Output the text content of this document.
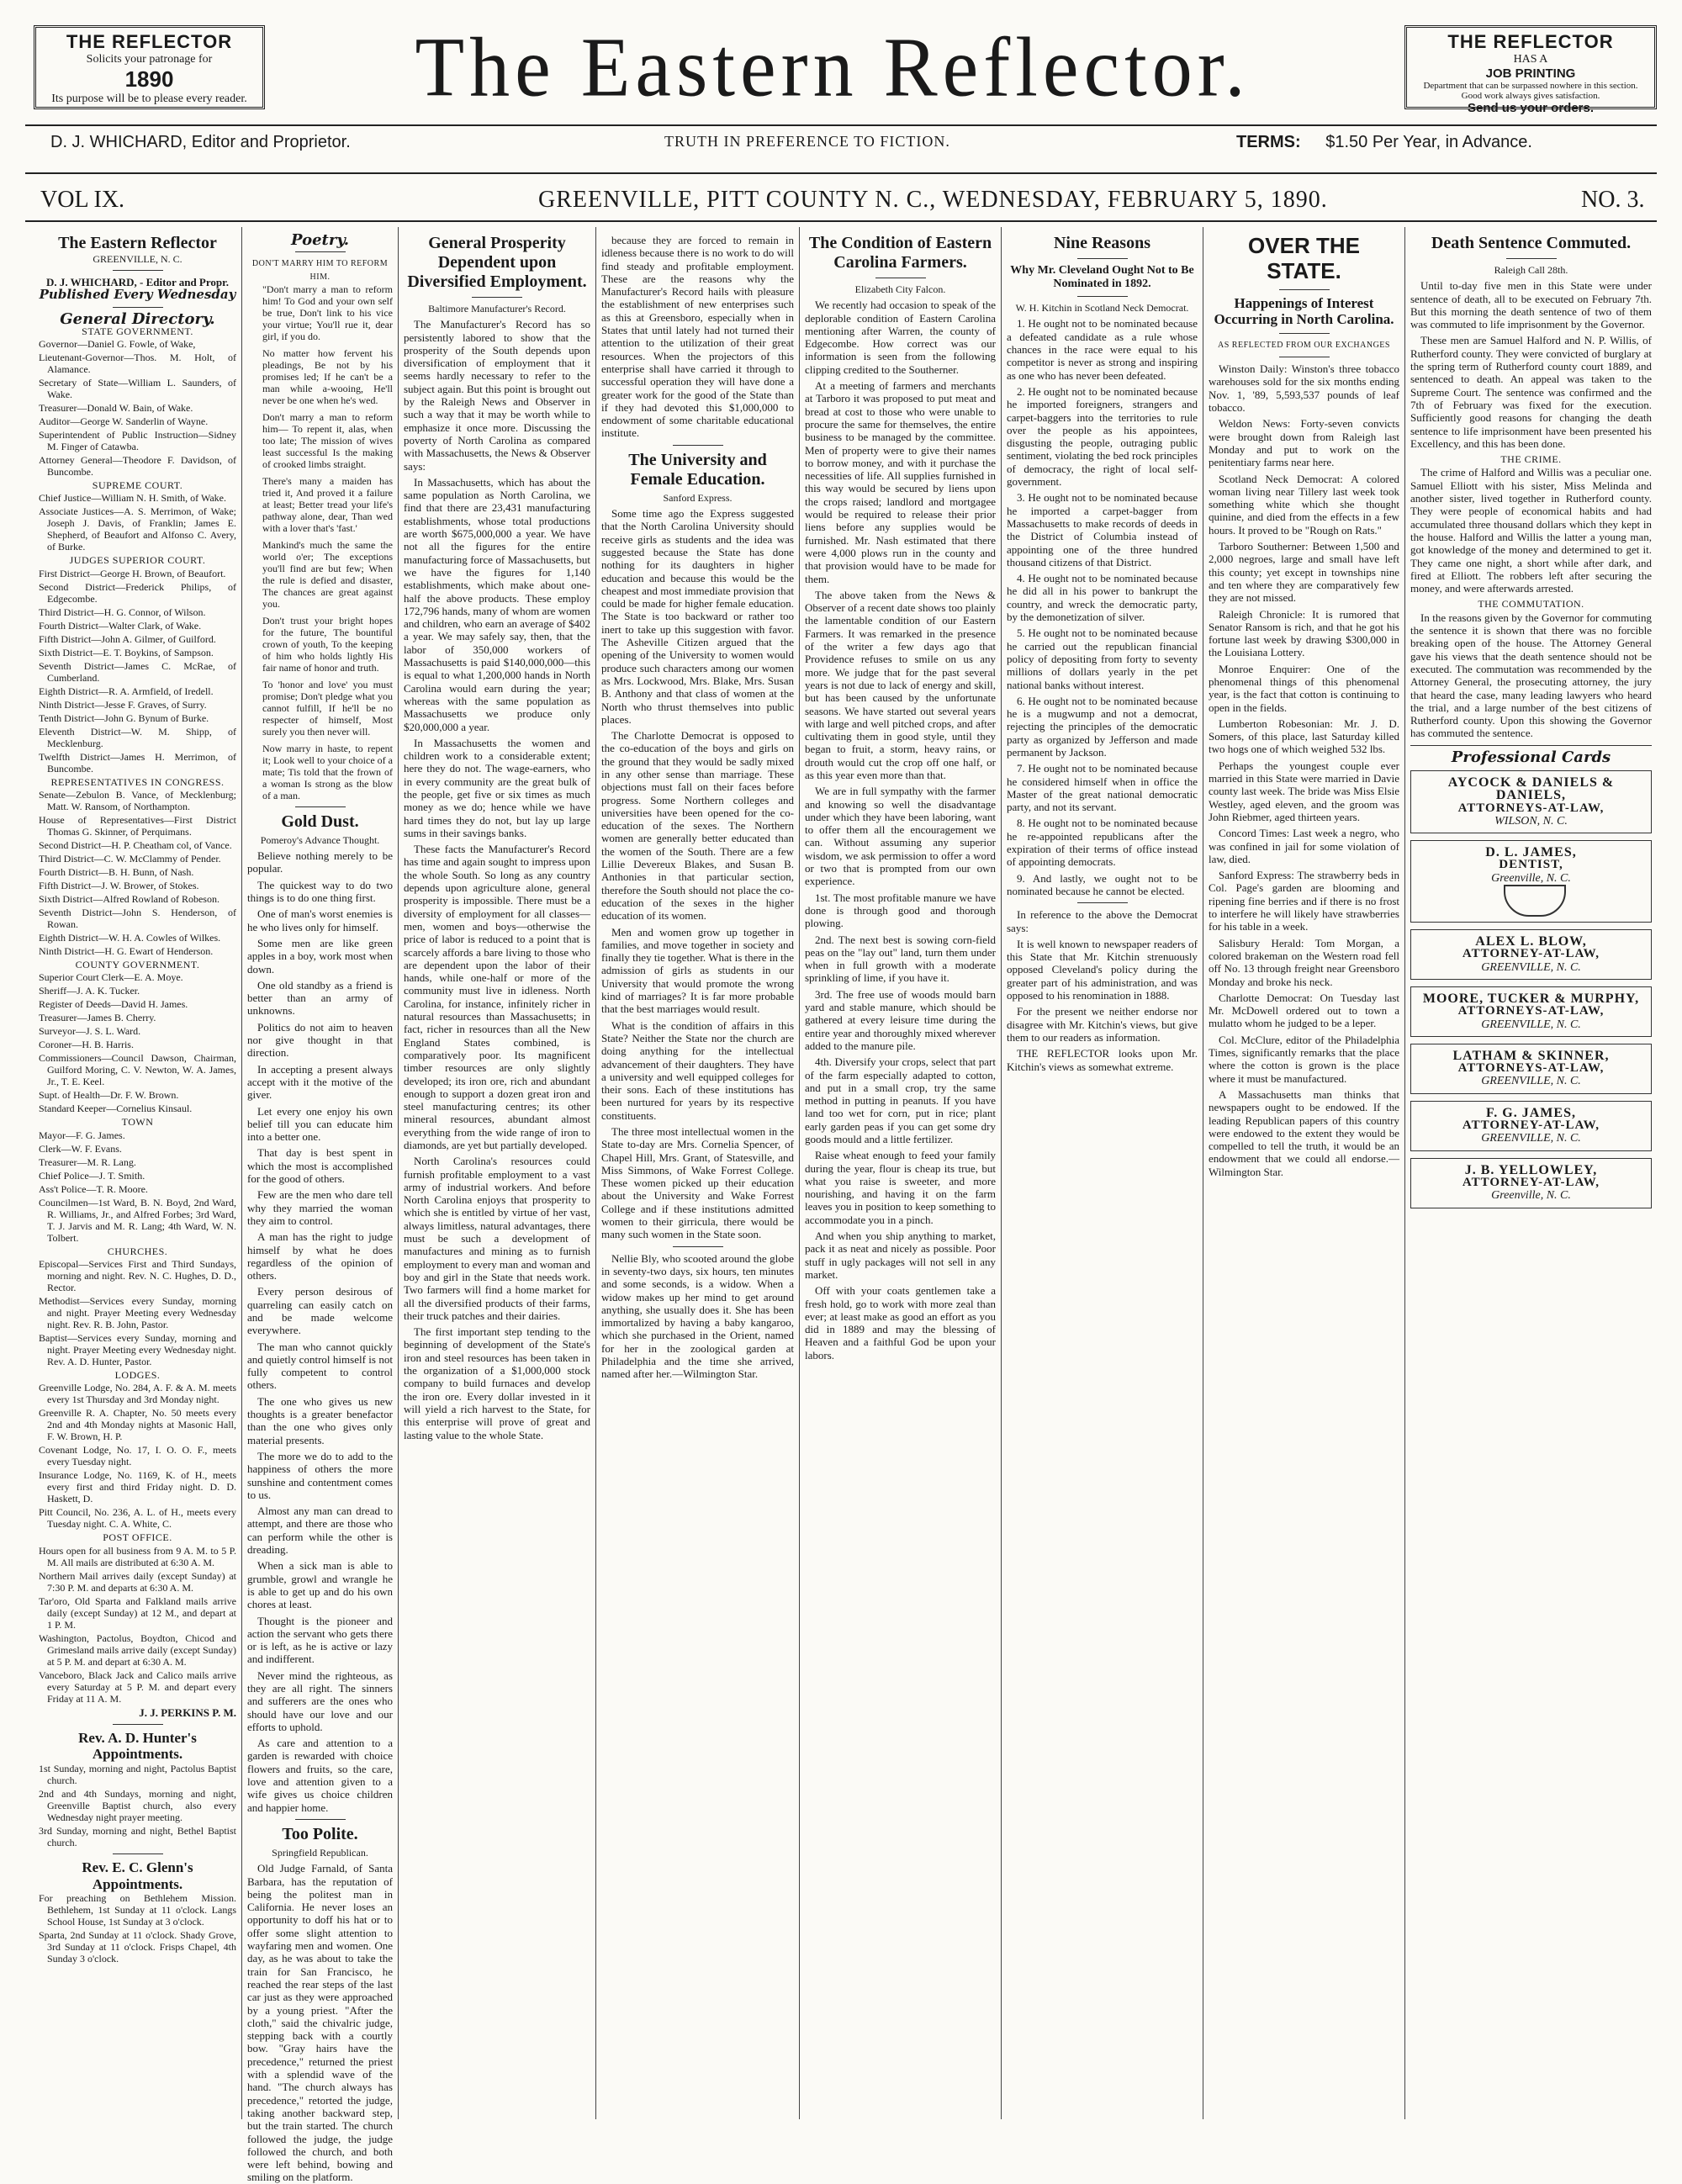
THE REFLECTOR
Solicits your patronage for
1890
Its purpose will be to please every reader.	The Eastern Reflector.	THE REFLECTOR
HAS A
JOB PRINTING
Department that can be surpassed nowhere in this section. Good work always gives satisfaction.
Send us your orders.
D. J. WHICHARD, Editor and Proprietor.	TRUTH IN PREFERENCE TO FICTION.	TERMS: $1.50 Per Year, in Advance.
VOL IX.	GREENVILLE, PITT COUNTY N. C., WEDNESDAY, FEBRUARY 5, 1890.	NO. 3.
The Eastern Reflector
GREENVILLE, N. C.
D. J. WHICHARD, - Editor and Propr.
Published Every Wednesday
General Directory.
STATE GOVERNMENT.
Governor—Daniel G. Fowle, of Wake,
Lieutenant-Governor—Thos. M. Holt, of Alamance.
Secretary of State—William L. Saunders, of Wake.
Treasurer—Donald W. Bain, of Wake.
Auditor—George W. Sanderlin of Wayne.
Superintendent of Public Instruction—Sidney M. Finger of Catawba.
Attorney General—Theodore F. Davidson, of Buncombe.
SUPREME COURT.
Chief Justice—William N. H. Smith, of Wake.
Associate Justices—A. S. Merrimon, of Wake; Joseph J. Davis, of Franklin; James E. Shepherd, of Beaufort and Alfonso C. Avery, of Burke.
JUDGES SUPERIOR COURT.
First District—George H. Brown, of Beaufort.
Second District—Frederick Philips, of Edgecombe.
Third District—H. G. Connor, of Wilson.
Fourth District—Walter Clark, of Wake.
Fifth District—John A. Gilmer, of Guilford.
Sixth District—E. T. Boykins, of Sampson.
Seventh District—James C. McRae, of Cumberland.
Eighth District—R. A. Armfield, of Iredell.
Ninth District—Jesse F. Graves, of Surry.
Tenth District—John G. Bynum of Burke.
Eleventh District—W. M. Shipp, of Mecklenburg.
Twelfth District—James H. Merrimon, of Buncombe.
REPRESENTATIVES IN CONGRESS.
Senate—Zebulon B. Vance, of Mecklenburg; Matt. W. Ransom, of Northampton.
House of Representatives—First District Thomas G. Skinner, of Perquimans.
Second District—H. P. Cheatham col, of Vance.
Third District—C. W. McClammy of Pender.
Fourth District—B. H. Bunn, of Nash.
Fifth District—J. W. Brower, of Stokes.
Sixth District—Alfred Rowland of Robeson.
Seventh District—John S. Henderson, of Rowan.
Eighth District—W. H. A. Cowles of Wilkes.
Ninth District—H. G. Ewart of Henderson.
COUNTY GOVERNMENT.
Superior Court Clerk—E. A. Moye.
Sheriff—J. A. K. Tucker.
Register of Deeds—David H. James.
Treasurer—James B. Cherry.
Surveyor—J. S. L. Ward.
Coroner—H. B. Harris.
Commissioners—Council Dawson, Chairman, Guilford Moring, C. V. Newton, W. A. James, Jr., T. E. Keel.
Supt. of Health—Dr. F. W. Brown.
Standard Keeper—Cornelius Kinsaul.
TOWN
Mayor—F. G. James.
Clerk—W. F. Evans.
Treasurer—M. R. Lang.
Chief Police—J. T. Smith.
Ass't Police—T. R. Moore.
Councilmen—1st Ward, B. N. Boyd, 2nd Ward, R. Williams, Jr., and Alfred Forbes; 3rd Ward, T. J. Jarvis and M. R. Lang; 4th Ward, W. N. Tolbert.
CHURCHES.
Episcopal—Services First and Third Sundays, morning and night. Rev. N. C. Hughes, D. D., Rector.
Methodist—Services every Sunday, morning and night. Prayer Meeting every Wednesday night. Rev. R. B. John, Pastor.
Baptist—Services every Sunday, morning and night. Prayer Meeting every Wednesday night. Rev. A. D. Hunter, Pastor.
LODGES.
Greenville Lodge, No. 284, A. F. & A. M. meets every 1st Thursday and 3rd Monday night.
Greenville R. A. Chapter, No. 50 meets every 2nd and 4th Monday nights at Masonic Hall, F. W. Brown, H. P.
Covenant Lodge, No. 17, I. O. O. F., meets every Tuesday night.
Insurance Lodge, No. 1169, K. of H., meets every first and third Friday night. D. D. Haskett, D.
Pitt Council, No. 236, A. L. of H., meets every Tuesday night. C. A. White, C.
POST OFFICE.
Hours open for all business from 9 A. M. to 5 P. M. All mails are distributed at 6:30 A. M.
Northern Mail arrives daily (except Sunday) at 7:30 P. M. and departs at 6:30 A. M.
Tar'oro, Old Sparta and Falkland mails arrive daily (except Sunday) at 12 M., and depart at 1 P. M.
Washington, Pactolus, Boydton, Chicod and Grimesland mails arrive daily (except Sunday) at 5 P. M. and depart at 6:30 A. M.
Vanceboro, Black Jack and Calico mails arrive every Saturday at 5 P. M. and depart every Friday at 11 A. M.
J. J. PERKINS P. M.
Rev. A. D. Hunter's Appointments.
1st Sunday, morning and night, Pactolus Baptist church.
2nd and 4th Sundays, morning and night, Greenville Baptist church, also every Wednesday night prayer meeting.
3rd Sunday, morning and night, Bethel Baptist church.
Rev. E. C. Glenn's Appointments.
For preaching on Bethlehem Mission. Bethlehem, 1st Sunday at 11 o'clock. Langs School House, 1st Sunday at 3 o'clock.
Sparta, 2nd Sunday at 11 o'clock. Shady Grove, 3rd Sunday at 11 o'clock. Frisps Chapel, 4th Sunday 3 o'clock.
Poetry.
DON'T MARRY HIM TO REFORM HIM.

"Don't marry a man to reform him! To God and your own self be true, Don't link to his vice your virtue; You'll rue it, dear girl, if you do.

No matter how fervent his pleadings, Be not by his promises led; If he can't be a man while a-wooing, He'll never be one when he's wed.

Don't marry a man to reform him— To repent it, alas, when too late; The mission of wives least successful Is the making of crooked limbs straight.

There's many a maiden has tried it, And proved it a failure at least; Better tread your life's pathway alone, dear, Than wed with a lover that's 'fast.'

Mankind's much the same the world o'er; The exceptions you'll find are but few; When the rule is defied and disaster, The chances are great against you.

Don't trust your bright hopes for the future, The bountiful crown of youth, To the keeping of him who holds lightly His fair name of honor and truth.

To 'honor and love' you must promise; Don't pledge what you cannot fulfill, If he'll be no respecter of himself, Most surely you then never will.

Now marry in haste, to repent it; Look well to your choice of a mate; Tis told that the frown of a woman Is strong as the blow of a man.

Gold Dust.
Pomeroy's Advance Thought.

Believe nothing merely to be popular.

The quickest way to do two things is to do one thing first.

One of man's worst enemies is he who lives only for himself.

Some men are like green apples in a boy, work most when down.

One old standby as a friend is better than an army of unknowns.

Politics do not aim to heaven nor give thought in that direction.

In accepting a present always accept with it the motive of the giver.

Let every one enjoy his own belief till you can educate him into a better one.

That day is best spent in which the most is accomplished for the good of others.

Few are the men who dare tell why they married the woman they aim to control.

A man has the right to judge himself by what he does regardless of the opinion of others.

Every person desirous of quarreling can easily catch on and be made welcome everywhere.

The man who cannot quickly and quietly control himself is not fully competent to control others.

The one who gives us new thoughts is a greater benefactor than the one who gives only material presents.

The more we do to add to the happiness of others the more sunshine and contentment comes to us.

Almost any man can dread to attempt, and there are those who can perform while the other is dreading.

When a sick man is able to grumble, growl and wrangle he is able to get up and do his own chores at least.

Thought is the pioneer and action the servant who gets there or is left, as he is active or lazy and indifferent.

Never mind the righteous, as they are all right. The sinners and sufferers are the ones who should have our love and our efforts to uphold.

As care and attention to a garden is rewarded with choice flowers and fruits, so the care, love and attention given to a wife gives us choice children and happier home.

Too Polite.
Springfield Republican.

Old Judge Farnald, of Santa Barbara, has the reputation of being the politest man in California. He never loses an opportunity to doff his hat or to offer some slight attention to wayfaring men and women. One day, as he was about to take the train for San Francisco, he reached the rear steps of the last car just as they were approached by a young priest. "After the cloth," said the chivalric judge, stepping back with a courtly bow. "Gray hairs have the precedence," returned the priest with a splendid wave of the hand. "The church always has precedence," retorted the judge, taking another backward step, but the train started. The church followed the judge, the judge followed the church, and both were left behind, bowing and smiling on the platform.

General Prosperity Dependent upon Diversified Employment.
Baltimore Manufacturer's Record.

The Manufacturer's Record has so persistently labored to show that the prosperity of the South depends upon diversification of employment that it seems hardly necessary to refer to the subject again. But this point is brought out by the Raleigh News and Observer in such a way that it may be worth while to emphasize it once more. Discussing the poverty of North Carolina as compared with Massachusetts, the News & Observer says:

In Massachusetts, which has about the same population as North Carolina, we find that there are 23,431 manufacturing establishments, whose total productions are worth $675,000,000 a year. We have not all the figures for the entire manufacturing force of Massachusetts, but we have the figures for 1,140 establishments, which make about one-half the above products. These employ 172,796 hands, many of whom are women and children, who earn an average of $402 a year. We may safely say, then, that the labor of 350,000 workers of Massachusetts is paid $140,000,000—this is equal to what 1,200,000 hands in North Carolina would earn during the year; whereas with the same population as Massachusetts we produce only $20,000,000 a year.

In Massachusetts the women and children work to a considerable extent; here they do not. The wage-earners, who in every community are the great bulk of the people, get five or six times as much money as we do; hence while we have hard times they do not, but lay up large sums in their savings banks.

These facts the Manufacturer's Record has time and again sought to impress upon the whole South. So long as any country depends upon agriculture alone, general prosperity is impossible. There must be a diversity of employment for all classes—men, women and boys—otherwise the price of labor is reduced to a point that is scarcely affords a bare living to those who are dependent upon the labor of their hands, while one-half or more of the community must live in idleness. North Carolina, for instance, infinitely richer in natural resources than Massachusetts; in fact, richer in resources than all the New England States combined, is comparatively poor. Its magnificent timber resources are only slightly developed; its iron ore, rich and abundant enough to support a dozen great iron and steel manufacturing centres; its other mineral resources, abundant almost everything from the wide range of iron to diamonds, are yet but partially developed.

North Carolina's resources could furnish profitable employment to a vast army of industrial workers. And before North Carolina enjoys that prosperity to which she is entitled by virtue of her vast, always limitless, natural advantages, there must be such a development of manufactures and mining as to furnish employment to every man and woman and boy and girl in the State that needs work. Two farmers will find a home market for all the diversified products of their farms, their truck patches and their dairies.

The first important step tending to the beginning of development of the State's iron and steel resources has been taken in the organization of a $1,000,000 stock company to build furnaces and develop the iron ore. Every dollar invested in it will yield a rich harvest to the State, for this enterprise will prove of great and lasting value to the whole State.

because they are forced to remain in idleness because there is no work to do will find steady and profitable employment. These are the reasons why the Manufacturer's Record hails with pleasure the establishment of new enterprises such as this at Greensboro, especially when in States that until lately had not turned their attention to the utilization of their great resources. When the projectors of this enterprise shall have carried it through to successful operation they will have done a greater work for the good of the State than if they had devoted this $1,000,000 to endowment of some charitable educational institute.

The University and Female Education.
Sanford Express.

Some time ago the Express suggested that the North Carolina University should receive girls as students and the idea was suggested because the State has done nothing for its daughters in higher education and because this would be the cheapest and most immediate provision that could be made for higher female education. The State is too backward or rather too inert to take up this suggestion with favor. The Asheville Citizen argued that the opening of the University to women would produce such characters among our women as Mrs. Lockwood, Mrs. Blake, Mrs. Susan B. Anthony and that class of women at the North who thrust themselves into public places.

The Charlotte Democrat is opposed to the co-education of the boys and girls on the ground that they would be sadly mixed in any other sense than marriage. These objections must fall on their faces before progress. Some Northern colleges and universities have been opened for the co-education of the sexes. The Northern women are generally better educated than the women of the South. There are a few Lillie Devereux Blakes, and Susan B. Anthonies in that particular section, therefore the South should not place the co-education of the sexes in the higher education of its women.

Men and women grow up together in families, and move together in society and finally they tie together. What is there in the admission of girls as students in our University that would promote the wrong kind of marriages? It is far more probable that the best marriages would result.

What is the condition of affairs in this State? Neither the State nor the church are doing anything for the intellectual advancement of their daughters. They have a university and well equipped colleges for their sons. Each of these institutions has been nurtured for years by its respective constituents.

The three most intellectual women in the State to-day are Mrs. Cornelia Spencer, of Chapel Hill, Mrs. Grant, of Statesville, and Miss Simmons, of Wake Forrest College. These women picked up their education about the University and Wake Forrest College and if these institutions admitted women to their girricula, there would be many such women in the State soon.

Nellie Bly, who scooted around the globe in seventy-two days, six hours, ten minutes and some seconds, is a widow. When a widow makes up her mind to get around anything, she usually does it. She has been immortalized by having a baby kangaroo, which she purchased in the Orient, named for her in the zoological garden at Philadelphia and the time she arrived, named after her.—Wilmington Star.

The Condition of Eastern Carolina Farmers.
Elizabeth City Falcon.

We recently had occasion to speak of the deplorable condition of Eastern Carolina mentioning after Warren, the county of Edgecombe. How correct was our information is seen from the following clipping credited to the Southerner.

At a meeting of farmers and merchants at Tarboro it was proposed to put meat and bread at cost to those who were unable to procure the same for themselves, the entire business to be managed by the committee. Men of property were to give their names to borrow money, and with it purchase the necessities of life. All supplies furnished in this way would be secured by liens upon the crops raised; landlord and mortgagee would be required to release their prior liens before any supplies would be furnished. Mr. Nash estimated that there were 4,000 plows run in the county and that provision would have to be made for them.

The above taken from the News & Observer of a recent date shows too plainly the lamentable condition of our Eastern Farmers. It was remarked in the presence of the writer a few days ago that Providence refuses to smile on us any more. We judge that for the past several years is not due to lack of energy and skill, but has been caused by the unfortunate seasons. We have started out several years with large and well pitched crops, and after cultivating them in good style, until they began to fruit, a storm, heavy rains, or drouth would cut the crop off one half, or as this year even more than that.

We are in full sympathy with the farmer and knowing so well the disadvantage under which they have been laboring, want to offer them all the encouragement we can. Without assuming any superior wisdom, we ask permission to offer a word or two that is prompted from our own experience.

1st. The most profitable manure we have done is through good and thorough plowing.

2nd. The next best is sowing corn-field peas on the "lay out" land, turn them under when in full growth with a moderate sprinkling of lime, if you have it.

3rd. The free use of woods mould barn yard and stable manure, which should be gathered at every leisure time during the entire year and thoroughly mixed wherever added to the manure pile.

4th. Diversify your crops, select that part of the farm especially adapted to cotton, and put in a small crop, try the same method in putting in peanuts. If you have land too wet for corn, put in rice; plant early garden peas if you can get some dry goods mould and a little fertilizer.

Raise wheat enough to feed your family during the year, flour is cheap its true, but what you raise is sweeter, and more nourishing, and having it on the farm leaves you in position to keep something to accommodate you in a pinch.

And when you ship anything to market, pack it as neat and nicely as possible. Poor stuff in ugly packages will not sell in any market.

Off with your coats gentlemen take a fresh hold, go to work with more zeal than ever; at least make as good an effort as you did in 1889 and may the blessing of Heaven and a faithful God be upon your labors.

Nine Reasons
Why Mr. Cleveland Ought Not to Be Nominated in 1892.
W. H. Kitchin in Scotland Neck Democrat.

1. He ought not to be nominated because a defeated candidate as a rule whose chances in the race were equal to his competitor is never as strong and inspiring as one who has never been defeated.

2. He ought not to be nominated because he imported foreigners, strangers and carpet-baggers into the territories to rule over the people as his appointees, disgusting the people, outraging public sentiment, violating the bed rock principles of democracy, the right of local self-government.

3. He ought not to be nominated because he imported a carpet-bagger from Massachusetts to make records of deeds in the District of Columbia instead of appointing one of the three hundred thousand citizens of that District.

4. He ought not to be nominated because he did all in his power to bankrupt the country, and wreck the democratic party, by the demonetization of silver.

5. He ought not to be nominated because he carried out the republican financial policy of depositing from forty to seventy millions of dollars yearly in the pet national banks without interest.

6. He ought not to be nominated because he is a mugwump and not a democrat, rejecting the principles of the democratic party as organized by Jefferson and made permanent by Jackson.

7. He ought not to be nominated because he considered himself when in office the Master of the great national democratic party, and not its servant.

8. He ought not to be nominated because he re-appointed republicans after the expiration of their terms of office instead of appointing democrats.

9. And lastly, we ought not to be nominated because he cannot be elected.

In reference to the above the Democrat says:

It is well known to newspaper readers of this State that Mr. Kitchin strenuously opposed Cleveland's policy during the greater part of his administration, and was opposed to his renomination in 1888.

For the present we neither endorse nor disagree with Mr. Kitchin's views, but give them to our readers as information.

THE REFLECTOR looks upon Mr. Kitchin's views as somewhat extreme.

OVER THE STATE.
Happenings of Interest Occurring in North Carolina.
AS REFLECTED FROM OUR EXCHANGES

Winston Daily: Winston's three tobacco warehouses sold for the six months ending Nov. 1, '89, 5,593,537 pounds of leaf tobacco.

Weldon News: Forty-seven convicts were brought down from Raleigh last Monday and put to work on the penitentiary farms near here.

Scotland Neck Democrat: A colored woman living near Tillery last week took something white which she thought quinine, and died from the effects in a few hours. It proved to be "Rough on Rats."

Tarboro Southerner: Between 1,500 and 2,000 negroes, large and small have left this county; yet except in townships nine and ten where they are comparatively few they are not missed.

Raleigh Chronicle: It is rumored that Senator Ransom is rich, and that he got his fortune last week by drawing $300,000 in the Louisiana Lottery.

Monroe Enquirer: One of the phenomenal things of this phenomenal year, is the fact that cotton is continuing to open in the fields.

Lumberton Robesonian: Mr. J. D. Somers, of this place, last Saturday killed two hogs one of which weighed 532 lbs.

Perhaps the youngest couple ever married in this State were married in Davie county last week. The bride was Miss Elsie Westley, aged eleven, and the groom was John Riebmer, aged thirteen years.

Concord Times: Last week a negro, who was confined in jail for some violation of law, died.

Sanford Express: The strawberry beds in Col. Page's garden are blooming and ripening fine berries and if there is no frost to interfere he will likely have strawberries for his table in a week.

Salisbury Herald: Tom Morgan, a colored brakeman on the Western road fell off No. 13 through freight near Greensboro Monday and broke his neck.

Charlotte Democrat: On Tuesday last Mr. McDowell ordered out to town a mulatto whom he judged to be a leper.

Col. McClure, editor of the Philadelphia Times, significantly remarks that the place where the cotton is grown is the place where it must be manufactured.

A Massachusetts man thinks that newspapers ought to be endowed. If the leading Republican papers of this country were endowed to the extent they would be compelled to tell the truth, it would be an endowment that we could all endorse.—Wilmington Star.

Death Sentence Commuted.
Raleigh Call 28th.

Until to-day five men in this State were under sentence of death, all to be executed on February 7th. But this morning the death sentence of two of them was commuted to life imprisonment by the Governor.

These men are Samuel Halford and N. P. Willis, of Rutherford county. They were convicted of burglary at the spring term of Rutherford county court 1889, and sentenced to death. An appeal was taken to the Supreme Court. The sentence was confirmed and the 7th of February was fixed for the execution. Sufficiently good reasons for changing the death sentence to life imprisonment have been presented his Excellency, and this has been done.

THE CRIME.

The crime of Halford and Willis was a peculiar one. Samuel Elliott with his sister, Miss Melinda and another sister, lived together in Rutherford county. They were people of economical habits and had accumulated three thousand dollars which they kept in the house. Halford and Willis the latter a young man, got knowledge of the money and determined to get it. They came one night, a short while after dark, and fired at Elliott. The robbers left after securing the money, and were afterwards arrested.

THE COMMUTATION.

In the reasons given by the Governor for commuting the sentence it is shown that there was no forcible breaking open of the house. The Attorney General gave his views that the death sentence should not be executed. The commutation was recommended by the Attorney General, the prosecuting attorney, the jury that heard the case, many leading lawyers who heard the trial, and a large number of the best citizens of Rutherford county. Upon this showing the Governor has commuted the sentence.

Professional Cards
AYCOCK & DANIELS & DANIELS,
ATTORNEYS-AT-LAW,
WILSON, N. C.
D. L. JAMES,
DENTIST,
Greenville, N. C.
ALEX L. BLOW,
ATTORNEY-AT-LAW,
GREENVILLE, N. C.
MOORE, TUCKER & MURPHY,
ATTORNEYS-AT-LAW,
GREENVILLE, N. C.
LATHAM & SKINNER,
ATTORNEYS-AT-LAW,
GREENVILLE, N. C.
F. G. JAMES,
ATTORNEY-AT-LAW,
GREENVILLE, N. C.
J. B. YELLOWLEY,
ATTORNEY-AT-LAW,
Greenville, N. C.
